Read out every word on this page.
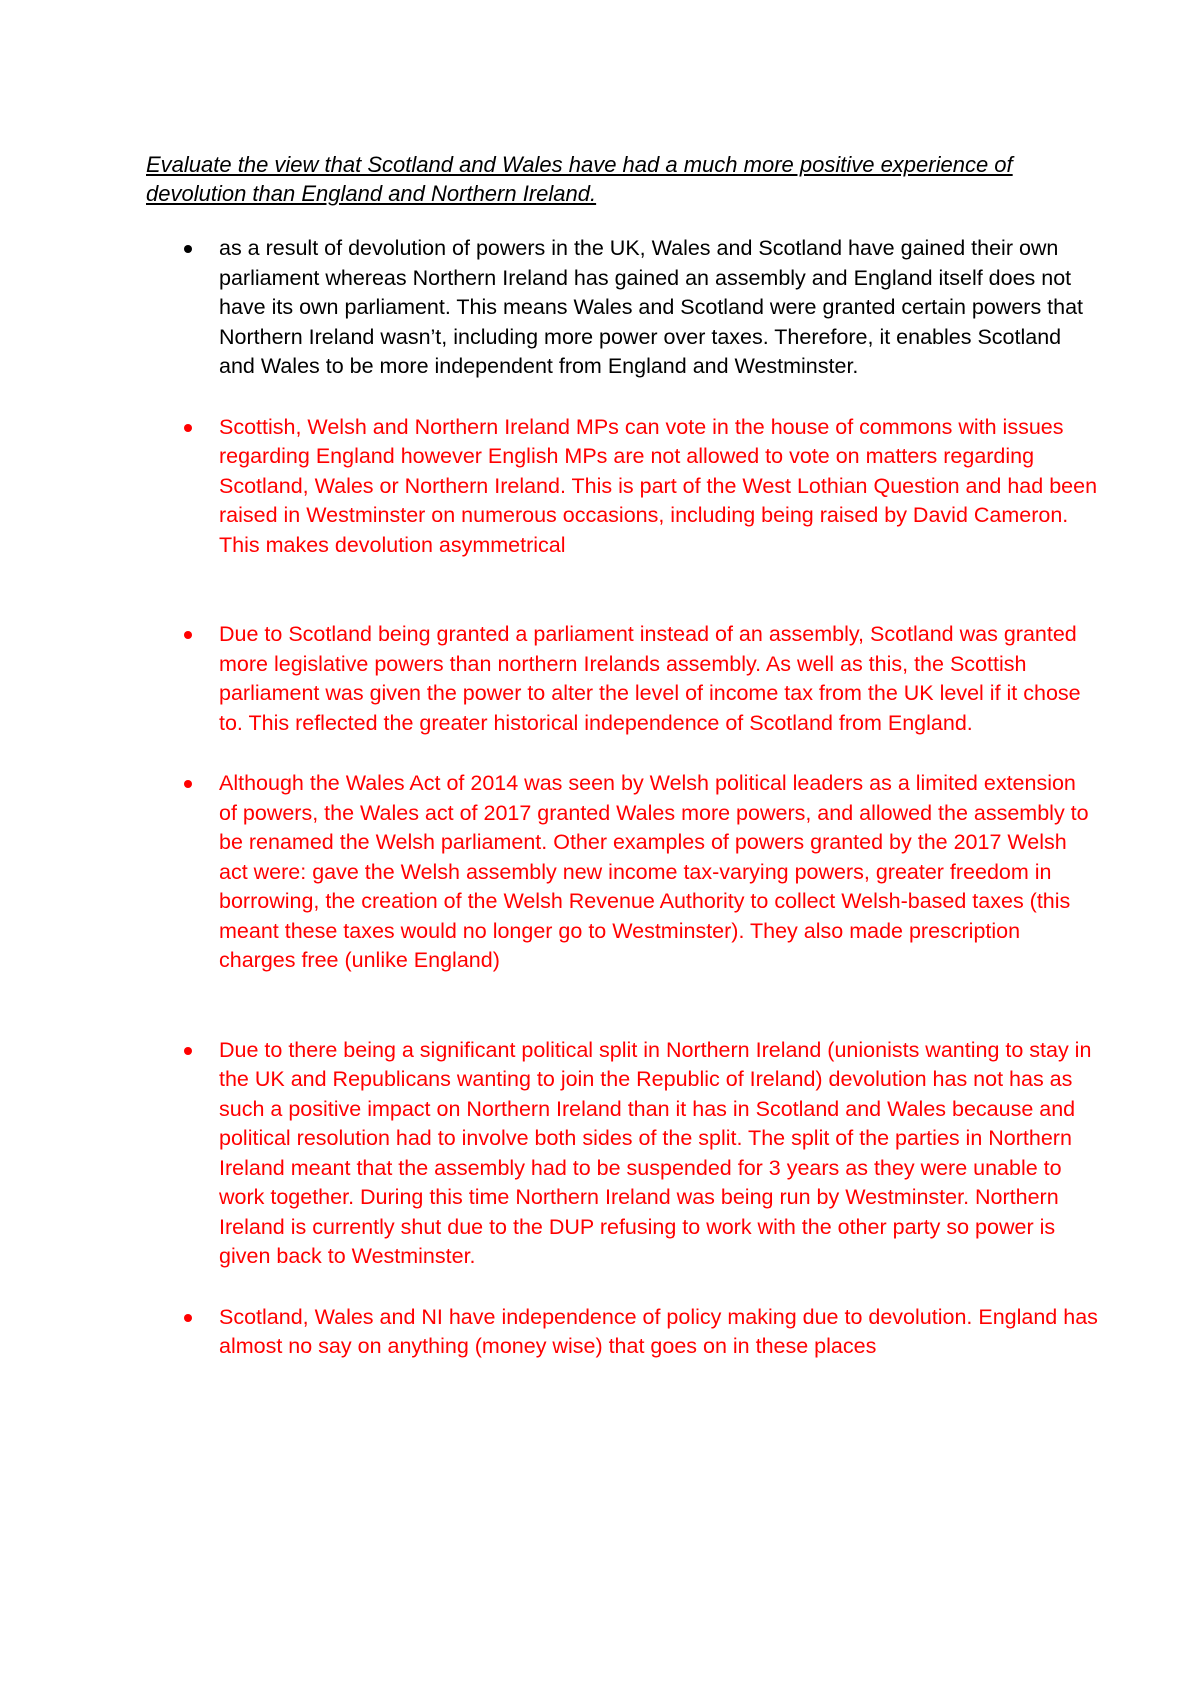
Evaluate the view that Scotland and Wales have had a much more positive experience of devolution than England and Northern Ireland.

as a result of devolution of powers in the UK, Wales and Scotland have gained their own parliament whereas Northern Ireland has gained an assembly and England itself does not have its own parliament. This means Wales and Scotland were granted certain powers that Northern Ireland wasn’t, including more power over taxes. Therefore, it enables Scotland and Wales to be more independent from England and Westminster.
Scottish, Welsh and Northern Ireland MPs can vote in the house of commons with issues regarding England however English MPs are not allowed to vote on matters regarding Scotland, Wales or Northern Ireland. This is part of the West Lothian Question and had been raised in Westminster on numerous occasions, including being raised by David Cameron. This makes devolution asymmetrical
Due to Scotland being granted a parliament instead of an assembly, Scotland was granted more legislative powers than northern Irelands assembly. As well as this, the Scottish parliament was given the power to alter the level of income tax from the UK level if it chose to. This reflected the greater historical independence of Scotland from England.
Although the Wales Act of 2014 was seen by Welsh political leaders as a limited extension of powers, the Wales act of 2017 granted Wales more powers, and allowed the assembly to be renamed the Welsh parliament. Other examples of powers granted by the 2017 Welsh act were: gave the Welsh assembly new income tax-varying powers, greater freedom in borrowing, the creation of the Welsh Revenue Authority to collect Welsh-based taxes (this meant these taxes would no longer go to Westminster). They also made prescription charges free (unlike England)
Due to there being a significant political split in Northern Ireland (unionists wanting to stay in the UK and Republicans wanting to join the Republic of Ireland) devolution has not has as such a positive impact on Northern Ireland than it has in Scotland and Wales because and political resolution had to involve both sides of the split. The split of the parties in Northern Ireland meant that the assembly had to be suspended for 3 years as they were unable to work together. During this time Northern Ireland was being run by Westminster. Northern Ireland is currently shut due to the DUP refusing to work with the other party so power is given back to Westminster.
Scotland, Wales and NI have independence of policy making due to devolution. England has almost no say on anything (money wise) that goes on in these places
